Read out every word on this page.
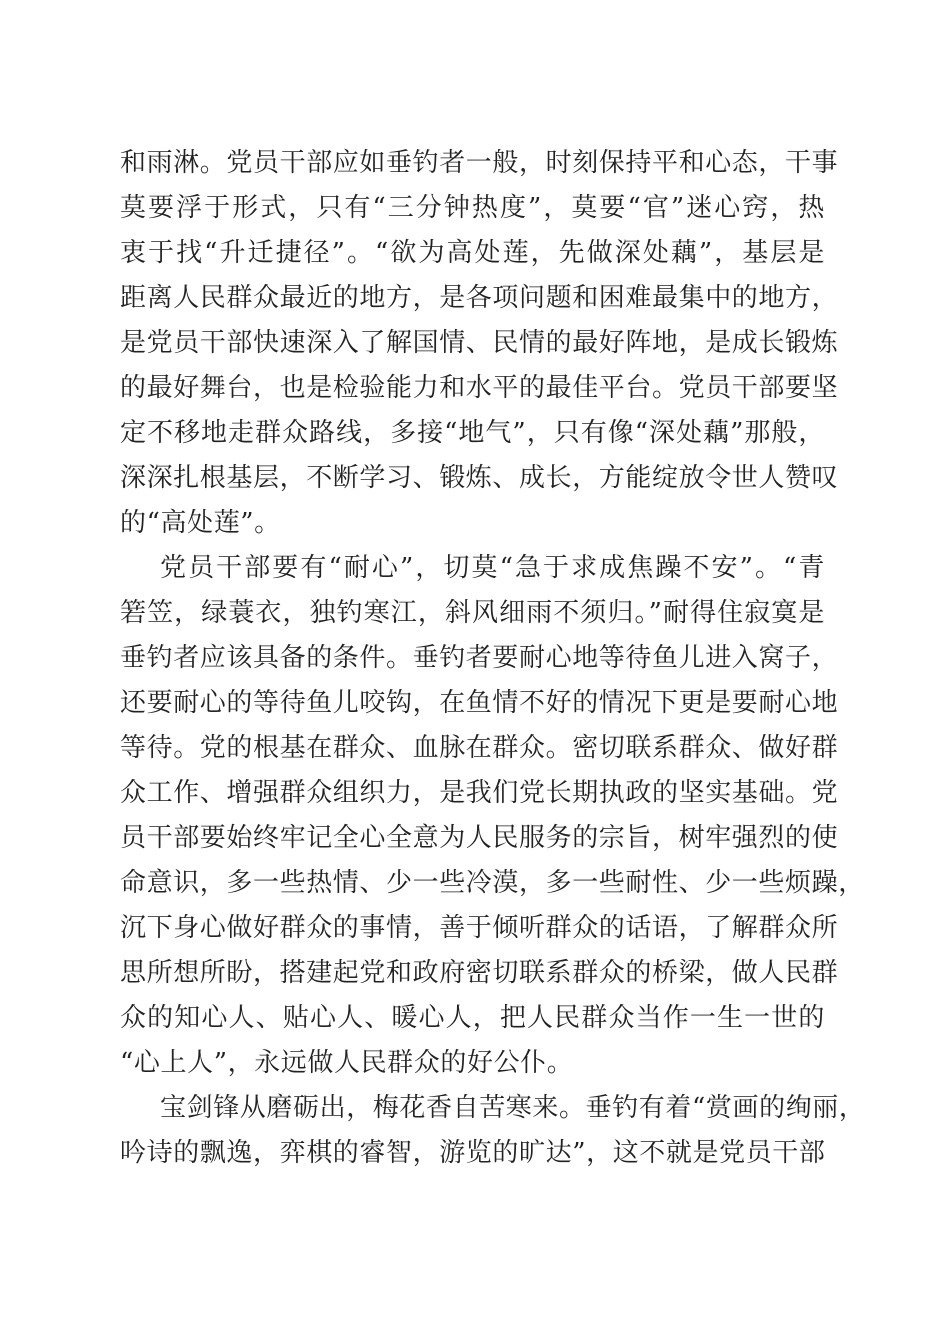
和雨淋。党员干部应如垂钓者一般，时刻保持平和心态，干事
莫要浮于形式，只有“三分钟热度”，莫要“官”迷心窍，热
衷于找“升迁捷径”。“欲为高处莲，先做深处藕”，基层是
距离人民群众最近的地方，是各项问题和困难最集中的地方，
是党员干部快速深入了解国情、民情的最好阵地，是成长锻炼
的最好舞台，也是检验能力和水平的最佳平台。党员干部要坚
定不移地走群众路线，多接“地气”，只有像“深处藕”那般，
深深扎根基层，不断学习、锻炼、成长，方能绽放令世人赞叹
的“高处莲”。
党员干部要有“耐心”，切莫“急于求成焦躁不安”。“青
箬笠，绿蓑衣，独钓寒江，斜风细雨不须归。”耐得住寂寞是
垂钓者应该具备的条件。垂钓者要耐心地等待鱼儿进入窝子，
还要耐心的等待鱼儿咬钩，在鱼情不好的情况下更是要耐心地
等待。党的根基在群众、血脉在群众。密切联系群众、做好群
众工作、增强群众组织力，是我们党长期执政的坚实基础。党
员干部要始终牢记全心全意为人民服务的宗旨，树牢强烈的使
命意识，多一些热情、少一些冷漠，多一些耐性、少一些烦躁，
沉下身心做好群众的事情，善于倾听群众的话语，了解群众所
思所想所盼，搭建起党和政府密切联系群众的桥梁，做人民群
众的知心人、贴心人、暖心人，把人民群众当作一生一世的
“心上人”，永远做人民群众的好公仆。
宝剑锋从磨砺出，梅花香自苦寒来。垂钓有着“赏画的绚丽，
吟诗的飘逸，弈棋的睿智，游览的旷达”，这不就是党员干部
